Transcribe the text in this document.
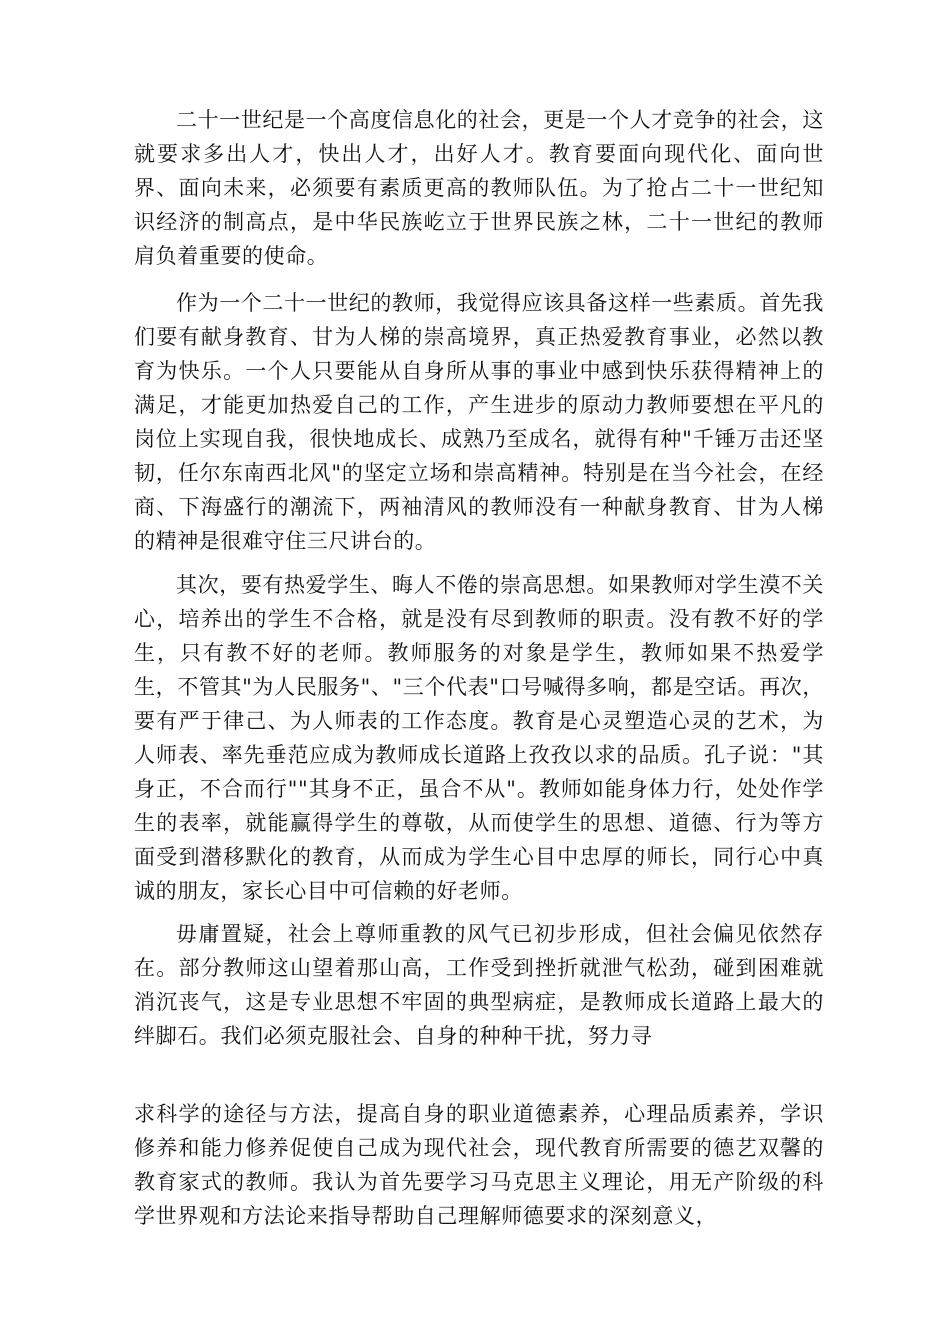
二十一世纪是一个高度信息化的社会，更是一个人才竞争的社会，这就要求多出人才，快出人才，出好人才。教育要面向现代化、面向世界、面向未来，必须要有素质更高的教师队伍。为了抢占二十一世纪知识经济的制高点，是中华民族屹立于世界民族之林，二十一世纪的教师肩负着重要的使命。

作为一个二十一世纪的教师，我觉得应该具备这样一些素质。首先我们要有献身教育、甘为人梯的崇高境界，真正热爱教育事业，必然以教育为快乐。一个人只要能从自身所从事的事业中感到快乐获得精神上的满足，才能更加热爱自己的工作，产生进步的原动力教师要想在平凡的岗位上实现自我，很快地成长、成熟乃至成名，就得有种"千锤万击还坚韧，任尔东南西北风"的坚定立场和崇高精神。特别是在当今社会，在经商、下海盛行的潮流下，两袖清风的教师没有一种献身教育、甘为人梯的精神是很难守住三尺讲台的。

其次，要有热爱学生、晦人不倦的崇高思想。如果教师对学生漠不关心，培养出的学生不合格，就是没有尽到教师的职责。没有教不好的学生，只有教不好的老师。教师服务的对象是学生，教师如果不热爱学生，不管其"为人民服务"、"三个代表"口号喊得多响，都是空话。再次，要有严于律己、为人师表的工作态度。教育是心灵塑造心灵的艺术，为人师表、率先垂范应成为教师成长道路上孜孜以求的品质。孔子说："其身正，不合而行""其身不正，虽合不从"。教师如能身体力行，处处作学生的表率，就能赢得学生的尊敬，从而使学生的思想、道德、行为等方面受到潜移默化的教育，从而成为学生心目中忠厚的师长，同行心中真诚的朋友，家长心目中可信赖的好老师。

毋庸置疑，社会上尊师重教的风气已初步形成，但社会偏见依然存在。部分教师这山望着那山高，工作受到挫折就泄气松劲，碰到困难就消沉丧气，这是专业思想不牢固的典型病症，是教师成长道路上最大的绊脚石。我们必须克服社会、自身的种种干扰，努力寻

求科学的途径与方法，提高自身的职业道德素养，心理品质素养，学识修养和能力修养促使自己成为现代社会，现代教育所需要的德艺双馨的教育家式的教师。我认为首先要学习马克思主义理论，用无产阶级的科学世界观和方法论来指导帮助自己理解师德要求的深刻意义，
